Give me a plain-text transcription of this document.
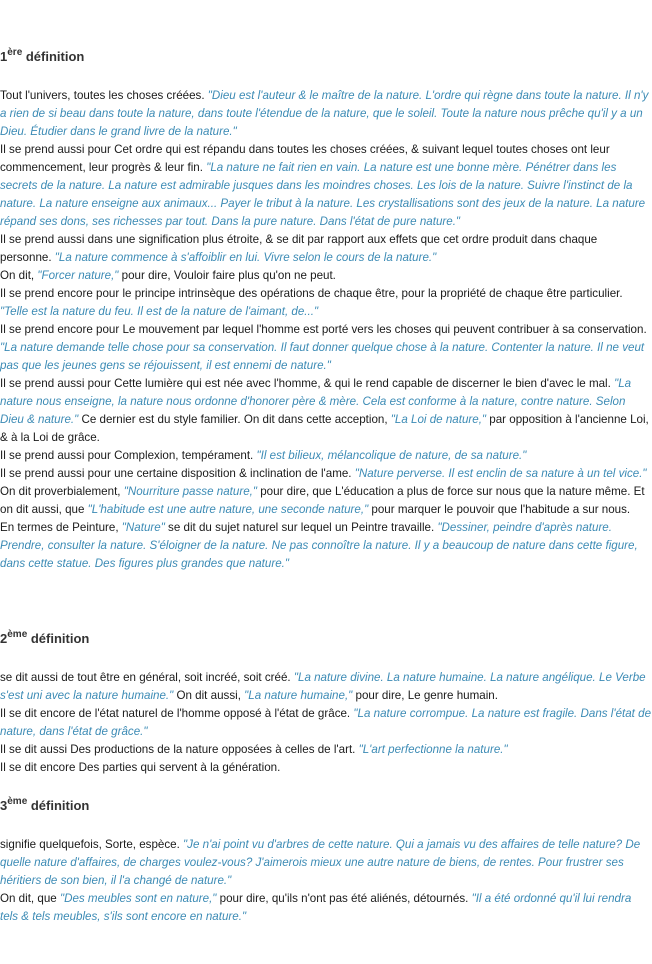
1ère définition

Tout l'univers, toutes les choses créées. "Dieu est l'auteur & le maître de la nature. L'ordre qui règne dans toute la nature. Il n'y a rien de si beau dans toute la nature, dans toute l'étendue de la nature, que le soleil. Toute la nature nous prêche qu'il y a un Dieu. Étudier dans le grand livre de la nature."

Il se prend aussi pour Cet ordre qui est répandu dans toutes les choses créées, & suivant lequel toutes choses ont leur commencement, leur progrès & leur fin. "La nature ne fait rien en vain. La nature est une bonne mère. Pénétrer dans les secrets de la nature. La nature est admirable jusques dans les moindres choses. Les lois de la nature. Suivre l'instinct de la nature. La nature enseigne aux animaux... Payer le tribut à la nature. Les crystallisations sont des jeux de la nature. La nature répand ses dons, ses richesses par tout. Dans la pure nature. Dans l'état de pure nature."

Il se prend aussi dans une signification plus étroite, & se dit par rapport aux effets que cet ordre produit dans chaque personne. "La nature commence à s'affoiblir en lui. Vivre selon le cours de la nature."

On dit, "Forcer nature," pour dire, Vouloir faire plus qu'on ne peut.

Il se prend encore pour le principe intrinsèque des opérations de chaque être, pour la propriété de chaque être particulier. "Telle est la nature du feu. Il est de la nature de l'aimant, de..."

Il se prend encore pour Le mouvement par lequel l'homme est porté vers les choses qui peuvent contribuer à sa conservation. "La nature demande telle chose pour sa conservation. Il faut donner quelque chose à la nature. Contenter la nature. Il ne veut pas que les jeunes gens se réjouissent, il est ennemi de nature."

Il se prend aussi pour Cette lumière qui est née avec l'homme, & qui le rend capable de discerner le bien d'avec le mal. "La nature nous enseigne, la nature nous ordonne d'honorer père & mère. Cela est conforme à la nature, contre nature. Selon Dieu & nature." Ce dernier est du style familier. On dit dans cette acception, "La Loi de nature," par opposition à l'ancienne Loi, & à la Loi de grâce.

Il se prend aussi pour Complexion, tempérament. "Il est bilieux, mélancolique de nature, de sa nature."

Il se prend aussi pour une certaine disposition & inclination de l'ame. "Nature perverse. Il est enclin de sa nature à un tel vice."

On dit proverbialement, "Nourriture passe nature," pour dire, que L'éducation a plus de force sur nous que la nature même. Et on dit aussi, que "L'habitude est une autre nature, une seconde nature," pour marquer le pouvoir que l'habitude a sur nous.

En termes de Peinture, "Nature" se dit du sujet naturel sur lequel un Peintre travaille. "Dessiner, peindre d'après nature. Prendre, consulter la nature. S'éloigner de la nature. Ne pas connoître la nature. Il y a beaucoup de nature dans cette figure, dans cette statue. Des figures plus grandes que nature."

2ème définition

se dit aussi de tout être en général, soit incréé, soit créé. "La nature divine. La nature humaine. La nature angélique. Le Verbe s'est uni avec la nature humaine." On dit aussi, "La nature humaine," pour dire, Le genre humain.

Il se dit encore de l'état naturel de l'homme opposé à l'état de grâce. "La nature corrompue. La nature est fragile. Dans l'état de nature, dans l'état de grâce."

Il se dit aussi Des productions de la nature opposées à celles de l'art. "L'art perfectionne la nature."

Il se dit encore Des parties qui servent à la génération.

3ème définition

signifie quelquefois, Sorte, espèce. "Je n'ai point vu d'arbres de cette nature. Qui a jamais vu des affaires de telle nature? De quelle nature d'affaires, de charges voulez-vous? J'aimerois mieux une autre nature de biens, de rentes. Pour frustrer ses héritiers de son bien, il l'a changé de nature."

On dit, que "Des meubles sont en nature," pour dire, qu'ils n'ont pas été aliénés, détournés. "Il a été ordonné qu'il lui rendra tels & tels meubles, s'ils sont encore en nature."
